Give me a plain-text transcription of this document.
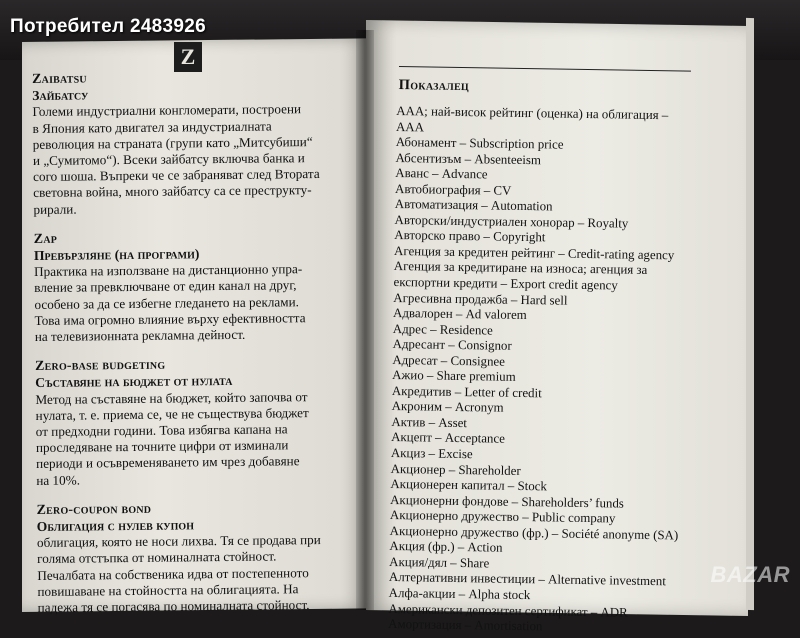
Потребител 2483926
Z
Zaibatsu
Зайбатсу

Големи индустриални конгломерати, построени

в Япония като двигател за индустриалната

революция на страната (групи като „Митсубиши“

и „Сумитомо“). Всеки зайбатсу включва банка и

сого шоша. Въпреки че се забраняват след Втората

световна война, много зайбатсу са се преструкту-

рирали.

Zap
Превързляне (на програми)

Практика на използване на дистанционно упра-

вление за превключване от един канал на друг,

особено за да се избегне гледането на реклами.

Това има огромно влияние върху ефективността

на телевизионната рекламна дейност.

Zero-base budgeting
Съставяне на бюджет от нулата

Метод на съставяне на бюджет, който започва от

нулата, т. е. приема се, че не съществува бюджет

от предходни години. Това избягва капана на

проследяване на точните цифри от изминали

периоди и осъвременяването им чрез добавяне

на 10%.

Zero-coupon bond
Облигация с нулев купон

облигация, която не носи лихва. Тя се продава при

голяма отстъпка от номиналната стойност.

Печалбата на собственика идва от постепенното

повишаване на стойността на облигацията. На

падежа тя се погасява по номиналната стойност.

Показалец
ААА; най-висок рейтинг (оценка) на облигация –
ААА
Абонамент – Subscription price
Абсентизъм – Absenteeism
Аванс – Advance
Автобиография – CV
Автоматизация – Automation
Авторски/индустриален хонорар – Royalty
Авторско право – Copyright
Агенция за кредитен рейтинг – Credit-rating agency
Агенция за кредитиране на износа; агенция за
експортни кредити – Export credit agency
Агресивна продажба – Hard sell
Адвалорен – Ad valorem
Адрес – Residence
Адресант – Consignor
Адресат – Consignee
Ажио – Share premium
Акредитив – Letter of credit
Акроним – Acronym
Актив – Asset
Акцепт – Acceptance
Акциз – Excise
Акционер – Shareholder
Акционерен капитал – Stock
Акционерни фондове – Shareholders’ funds
Акционерно дружество – Public company
Акционерно дружество (фр.) – Société anonyme (SA)
Акция (фр.) – Action
Акция/дял – Share
Алтернативни инвестиции – Alternative investment
Алфа-акции – Alpha stock
Американски депозитен сертификат – ADR
Амортизация – Amortisation
BAZAR
